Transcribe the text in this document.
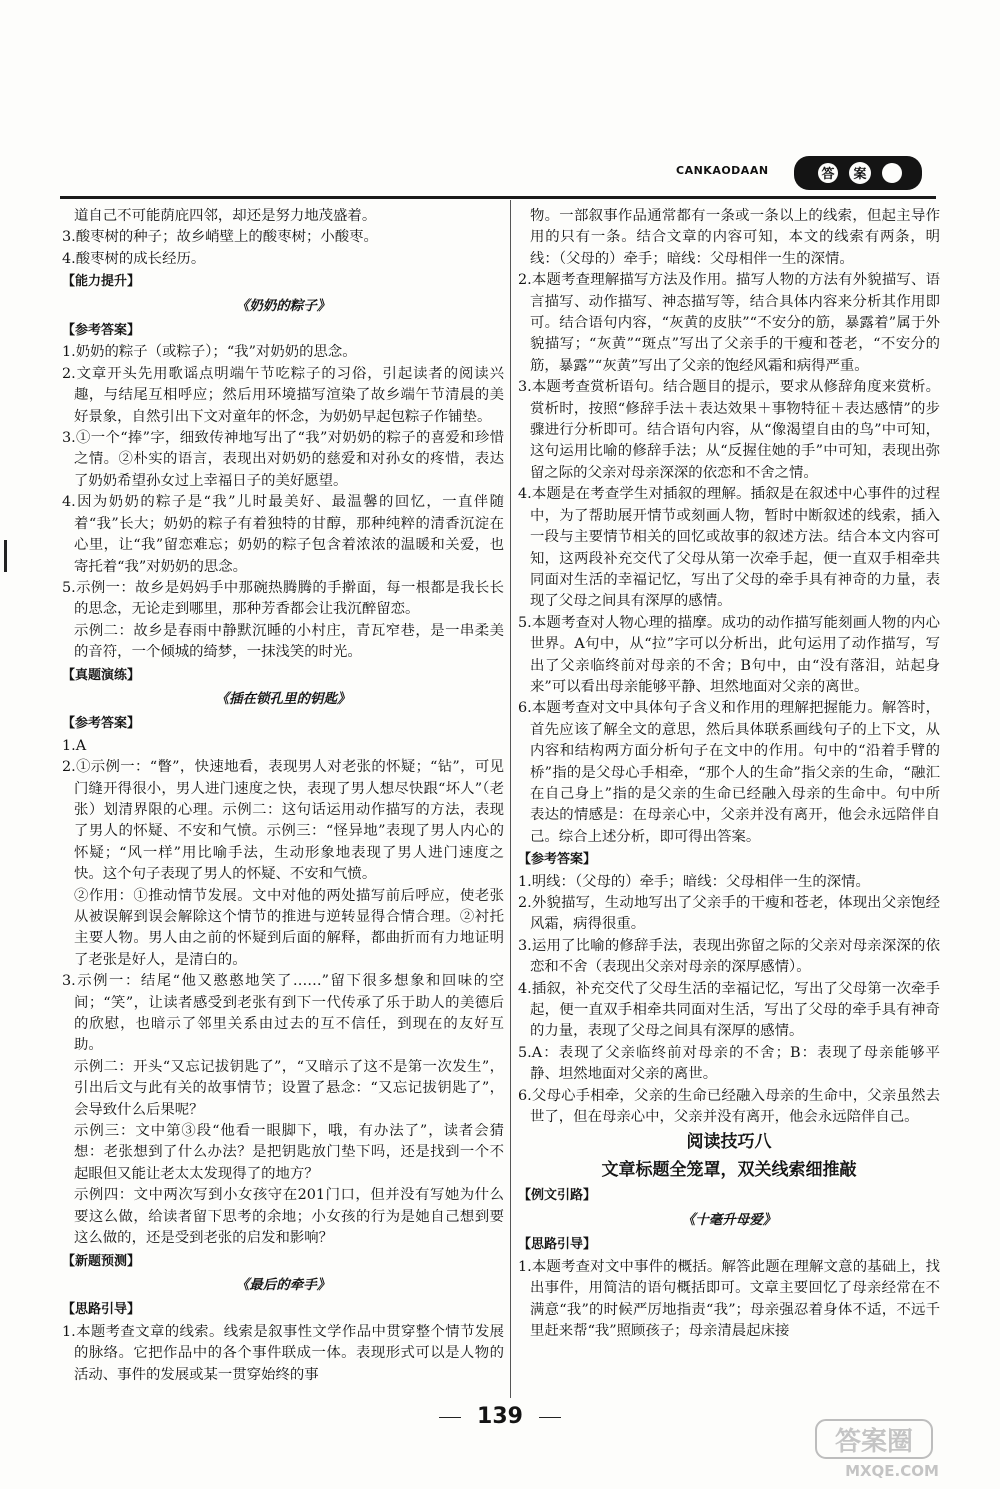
CANKAODAAN	答 案

道自己不可能荫庇四邻，却还是努力地茂盛着。

3.酸枣树的种子；故乡峭壁上的酸枣树；小酸枣。

4.酸枣树的成长经历。

【能力提升】

《奶奶的粽子》

【参考答案】

1.奶奶的粽子（或粽子）；“我”对奶奶的思念。

2.文章开头先用歌谣点明端午节吃粽子的习俗，引起读者的阅读兴趣，与结尾互相呼应；然后用环境描写渲染了故乡端午节清晨的美好景象，自然引出下文对童年的怀念，为奶奶早起包粽子作铺垫。

3.①一个“捧”字，细致传神地写出了“我”对奶奶的粽子的喜爱和珍惜之情。②朴实的语言，表现出对奶奶的慈爱和对孙女的疼惜，表达了奶奶希望孙女过上幸福日子的美好愿望。

4.因为奶奶的粽子是“我”儿时最美好、最温馨的回忆，一直伴随着“我”长大；奶奶的粽子有着独特的甘醇，那种纯粹的清香沉淀在心里，让“我”留恋难忘；奶奶的粽子包含着浓浓的温暖和关爱，也寄托着“我”对奶奶的思念。

5.示例一：故乡是妈妈手中那碗热腾腾的手擀面，每一根都是我长长的思念，无论走到哪里，那种芳香都会让我沉醉留恋。

示例二：故乡是春雨中静默沉睡的小村庄，青瓦窄巷，是一串柔美的音符，一个倾城的绮梦，一抹浅笑的时光。

【真题演练】

《插在锁孔里的钥匙》

【参考答案】

1.A

2.①示例一：“瞥”，快速地看，表现男人对老张的怀疑；“钻”，可见门缝开得很小，男人进门速度之快，表现了男人想尽快跟“坏人”（老张）划清界限的心理。示例二：这句话运用动作描写的方法，表现了男人的怀疑、不安和气愤。示例三：“怪异地”表现了男人内心的怀疑；“风一样”用比喻手法，生动形象地表现了男人进门速度之快。这个句子表现了男人的怀疑、不安和气愤。

②作用：①推动情节发展。文中对他的两处描写前后呼应，使老张从被误解到误会解除这个情节的推进与逆转显得合情合理。②衬托主要人物。男人由之前的怀疑到后面的解释，都曲折而有力地证明了老张是好人，是清白的。

3.示例一：结尾“他又憨憨地笑了……”留下很多想象和回味的空间；“笑”，让读者感受到老张有到下一代传承了乐于助人的美德后的欣慰，也暗示了邻里关系由过去的互不信任，到现在的友好互助。

示例二：开头“又忘记拔钥匙了”，“又暗示了这不是第一次发生”，引出后文与此有关的故事情节；设置了悬念：“又忘记拔钥匙了”，会导致什么后果呢？

示例三：文中第③段“他看一眼脚下，哦，有办法了”，读者会猜想：老张想到了什么办法？是把钥匙放门垫下吗，还是找到一个不起眼但又能让老太太发现得了的地方？

示例四：文中两次写到小女孩守在201门口，但并没有写她为什么要这么做，给读者留下思考的余地；小女孩的行为是她自己想到要这么做的，还是受到老张的启发和影响？

【新题预测】

《最后的牵手》

【思路引导】

1.本题考查文章的线索。线索是叙事性文学作品中贯穿整个情节发展的脉络。它把作品中的各个事件联成一体。表现形式可以是人物的活动、事件的发展或某一贯穿始终的事

物。一部叙事作品通常都有一条或一条以上的线索，但起主导作用的只有一条。结合文章的内容可知，本文的线索有两条，明线：（父母的）牵手；暗线：父母相伴一生的深情。

2.本题考查理解描写方法及作用。描写人物的方法有外貌描写、语言描写、动作描写、神态描写等，结合具体内容来分析其作用即可。结合语句内容，“灰黄的皮肤”“不安分的筋，暴露着”属于外貌描写；“灰黄”“斑点”写出了父亲手的干瘦和苍老，“不安分的筋，暴露”“灰黄”写出了父亲的饱经风霜和病得严重。

3.本题考查赏析语句。结合题目的提示，要求从修辞角度来赏析。赏析时，按照“修辞手法＋表达效果＋事物特征＋表达感情”的步骤进行分析即可。结合语句内容，从“像渴望自由的鸟”中可知，这句运用比喻的修辞手法；从“反握住她的手”中可知，表现出弥留之际的父亲对母亲深深的依恋和不舍之情。

4.本题是在考查学生对插叙的理解。插叙是在叙述中心事件的过程中，为了帮助展开情节或刻画人物，暂时中断叙述的线索，插入一段与主要情节相关的回忆或故事的叙述方法。结合本文内容可知，这两段补充交代了父母从第一次牵手起，便一直双手相牵共同面对生活的幸福记忆，写出了父母的牵手具有神奇的力量，表现了父母之间具有深厚的感情。

5.本题考查对人物心理的描摩。成功的动作描写能刻画人物的内心世界。A句中，从“拉”字可以分析出，此句运用了动作描写，写出了父亲临终前对母亲的不舍；B句中，由“没有落泪，站起身来”可以看出母亲能够平静、坦然地面对父亲的离世。

6.本题考查对文中具体句子含义和作用的理解把握能力。解答时，首先应该了解全文的意思，然后具体联系画线句子的上下文，从内容和结构两方面分析句子在文中的作用。句中的“沿着手臂的桥”指的是父母心手相牵，“那个人的生命”指父亲的生命，“融汇在自己身上”指的是父亲的生命已经融入母亲的生命中。句中所表达的情感是：在母亲心中，父亲并没有离开，他会永远陪伴自己。综合上述分析，即可得出答案。

【参考答案】

1.明线：（父母的）牵手；暗线：父母相伴一生的深情。

2.外貌描写，生动地写出了父亲手的干瘦和苍老，体现出父亲饱经风霜，病得很重。

3.运用了比喻的修辞手法，表现出弥留之际的父亲对母亲深深的依恋和不舍（表现出父亲对母亲的深厚感情）。

4.插叙，补充交代了父母生活的幸福记忆，写出了父母第一次牵手起，便一直双手相牵共同面对生活，写出了父母的牵手具有神奇的力量，表现了父母之间具有深厚的感情。

5.A：表现了父亲临终前对母亲的不舍；B：表现了母亲能够平静、坦然地面对父亲的离世。

6.父母心手相牵，父亲的生命已经融入母亲的生命中，父亲虽然去世了，但在母亲心中，父亲并没有离开，他会永远陪伴自己。

阅读技巧八

文章标题全笼罩，双关线索细推敲

【例文引路】

《十毫升母爱》

【思路引导】

1.本题考查对文中事件的概括。解答此题在理解文意的基础上，找出事件，用简洁的语句概括即可。文章主要回忆了母亲经常在不满意“我”的时候严厉地指责“我”；母亲强忍着身体不适，不远千里赶来帮“我”照顾孩子；母亲清晨起床接

139
答案圈
MXQE.COM
